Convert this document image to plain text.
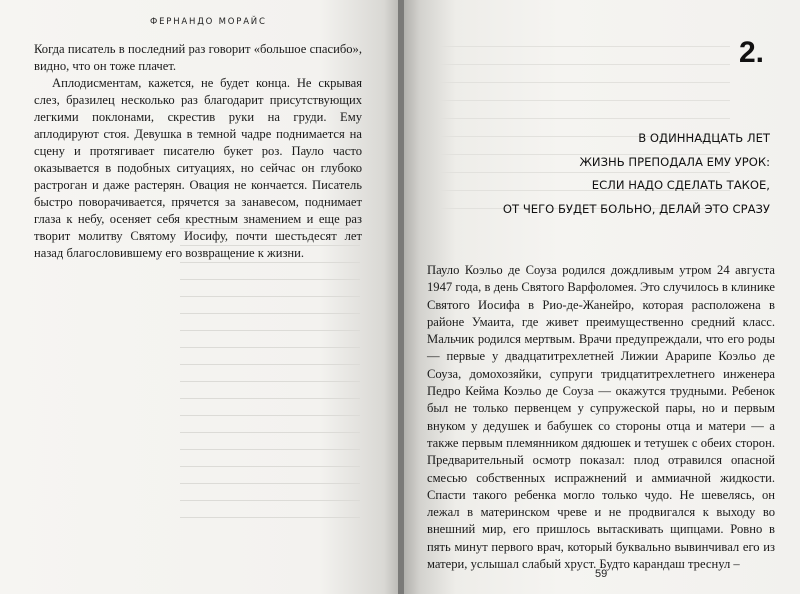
ФЕРНАНДО МОРАЙС

Когда писатель в последний раз говорит «большое спасибо», видно, что он тоже плачет.

Аплодисментам, кажется, не будет конца. Не скрывая слез, бразилец несколько раз благодарит присутствующих легкими поклонами, скрестив руки на груди. Ему аплодируют стоя. Девушка в темной чадре поднимается на сцену и протягивает писателю букет роз. Пауло часто оказывается в подобных ситуациях, но сейчас он глубоко растроган и даже растерян. Овация не кончается. Писатель быстро поворачивается, прячется за занавесом, поднимает глаза к небу, осеняет себя крестным знамением и еще раз творит молитву Святому Иосифу, почти шестьдесят лет назад благословившему его возвращение к жизни.

2.
В ОДИННАДЦАТЬ ЛЕТ
ЖИЗНЬ ПРЕПОДАЛА ЕМУ УРОК:
ЕСЛИ НАДО СДЕЛАТЬ ТАКОЕ,
ОТ ЧЕГО БУДЕТ БОЛЬНО, ДЕЛАЙ ЭТО СРАЗУ

Пауло Коэльо де Соуза родился дождливым утром 24 августа 1947 года, в день Святого Варфоломея. Это случилось в клинике Святого Иосифа в Рио-де-Жанейро, которая расположена в районе Умаита, где живет преимущественно средний класс. Мальчик родился мертвым. Врачи предупреждали, что его роды — первые у двадцатитрехлетней Лижии Арарипе Коэльо де Соуза, домохозяйки, супруги тридцатитрехлетнего инженера Педро Кейма Коэльо де Соуза — окажутся трудными. Ребенок был не только первенцем у супружеской пары, но и первым внуком у дедушек и бабушек со стороны отца и матери — а также первым племянником дядюшек и тетушек с обеих сторон. Предварительный осмотр показал: плод отравился опасной смесью собственных испражнений и аммиачной жидкости. Спасти такого ребенка могло только чудо. Не шевелясь, он лежал в материнском чреве и не продвигался к выходу во внешний мир, его пришлось вытаскивать щипцами. Ровно в пять минут первого врач, который буквально вывинчивал его из матери, услышал слабый хруст. Будто карандаш треснул –

59
